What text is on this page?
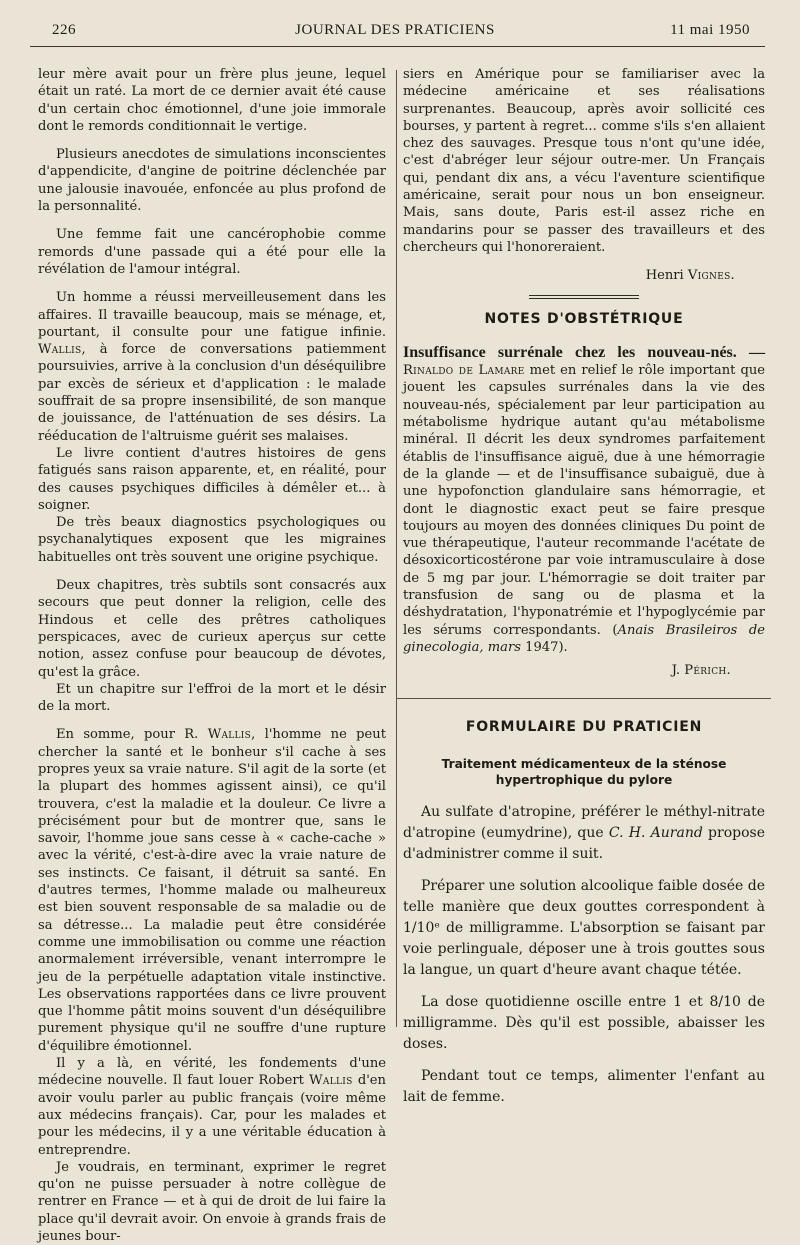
226	JOURNAL DES PRATICIENS	11 mai 1950

leur mère avait pour un frère plus jeune, lequel était un raté. La mort de ce dernier avait été cause d'un certain choc émotionnel, d'une joie immorale dont le remords conditionnait le vertige.

Plusieurs anecdotes de simulations inconscientes d'appendicite, d'angine de poitrine déclenchée par une jalousie inavouée, enfoncée au plus profond de la personnalité.

Une femme fait une cancérophobie comme remords d'une passade qui a été pour elle la révélation de l'amour intégral.

Un homme a réussi merveilleusement dans les affaires. Il travaille beaucoup, mais se ménage, et, pourtant, il consulte pour une fatigue infinie. Wallis, à force de conversations patiemment poursuivies, arrive à la conclusion d'un déséquilibre par excès de sérieux et d'application : le malade souffrait de sa propre insensibilité, de son manque de jouissance, de l'atténuation de ses désirs. La rééducation de l'altruisme guérit ses malaises.

Le livre contient d'autres histoires de gens fatigués sans raison apparente, et, en réalité, pour des causes psychiques difficiles à démêler et... à soigner.

De très beaux diagnostics psychologiques ou psychanalytiques exposent que les migraines habituelles ont très souvent une origine psychique.

Deux chapitres, très subtils sont consacrés aux secours que peut donner la religion, celle des Hindous et celle des prêtres catholiques perspicaces, avec de curieux aperçus sur cette notion, assez confuse pour beaucoup de dévotes, qu'est la grâce.

Et un chapitre sur l'effroi de la mort et le désir de la mort.

En somme, pour R. Wallis, l'homme ne peut chercher la santé et le bonheur s'il cache à ses propres yeux sa vraie nature. S'il agit de la sorte (et la plupart des hommes agissent ainsi), ce qu'il trouvera, c'est la maladie et la douleur. Ce livre a précisément pour but de montrer que, sans le savoir, l'homme joue sans cesse à « cache-cache » avec la vérité, c'est-à-dire avec la vraie nature de ses instincts. Ce faisant, il détruit sa santé. En d'autres termes, l'homme malade ou malheureux est bien souvent responsable de sa maladie ou de sa détresse... La maladie peut être considérée comme une immobilisation ou comme une réaction anormalement irréversible, venant interrompre le jeu de la perpétuelle adaptation vitale instinctive. Les observations rapportées dans ce livre prouvent que l'homme pâtit moins souvent d'un déséquilibre purement physique qu'il ne souffre d'une rupture d'équilibre émotionnel.

Il y a là, en vérité, les fondements d'une médecine nouvelle. Il faut louer Robert Wallis d'en avoir voulu parler au public français (voire même aux médecins français). Car, pour les malades et pour les médecins, il y a une véritable éducation à entreprendre.

Je voudrais, en terminant, exprimer le regret qu'on ne puisse persuader à notre collègue de rentrer en France — et à qui de droit de lui faire la place qu'il devrait avoir. On envoie à grands frais de jeunes bour-

siers en Amérique pour se familiariser avec la médecine américaine et ses réalisations surprenantes. Beaucoup, après avoir sollicité ces bourses, y partent à regret... comme s'ils s'en allaient chez des sauvages. Presque tous n'ont qu'une idée, c'est d'abréger leur séjour outre-mer. Un Français qui, pendant dix ans, a vécu l'aventure scientifique américaine, serait pour nous un bon enseigneur. Mais, sans doute, Paris est-il assez riche en mandarins pour se passer des travailleurs et des chercheurs qui l'honoreraient.

Henri Vignes.
NOTES D'OBSTÉTRIQUE

Insuffisance surrénale chez les nouveau-nés. — Rinaldo de Lamare met en relief le rôle important que jouent les capsules surrénales dans la vie des nouveau-nés, spécialement par leur participation au métabolisme hydrique autant qu'au métabolisme minéral. Il décrit les deux syndromes parfaitement établis de l'insuffisance aiguë, due à une hémorragie de la glande — et de l'insuffisance subaiguë, due à une hypofonction glandulaire sans hémorragie, et dont le diagnostic exact peut se faire presque toujours au moyen des données cliniques Du point de vue thérapeutique, l'auteur recommande l'acétate de désoxicorticostérone par voie intramusculaire à dose de 5 mg par jour. L'hémorragie se doit traiter par transfusion de sang ou de plasma et la déshydratation, l'hyponatrémie et l'hypoglycémie par les sérums correspondants. (Anais Brasileiros de ginecologia, mars 1947).

J. Périch.
FORMULAIRE DU PRATICIEN
Traitement médicamenteux de la sténose hypertrophique du pylore

Au sulfate d'atropine, préférer le méthyl-nitrate d'atropine (eumydrine), que C. H. Aurand propose d'administrer comme il suit.

Préparer une solution alcoolique faible dosée de telle manière que deux gouttes correspondent à 1/10ᵉ de milligramme. L'absorption se faisant par voie perlinguale, déposer une à trois gouttes sous la langue, un quart d'heure avant chaque tétée.

La dose quotidienne oscille entre 1 et 8/10 de milligramme. Dès qu'il est possible, abaisser les doses.

Pendant tout ce temps, alimenter l'enfant au lait de femme.
